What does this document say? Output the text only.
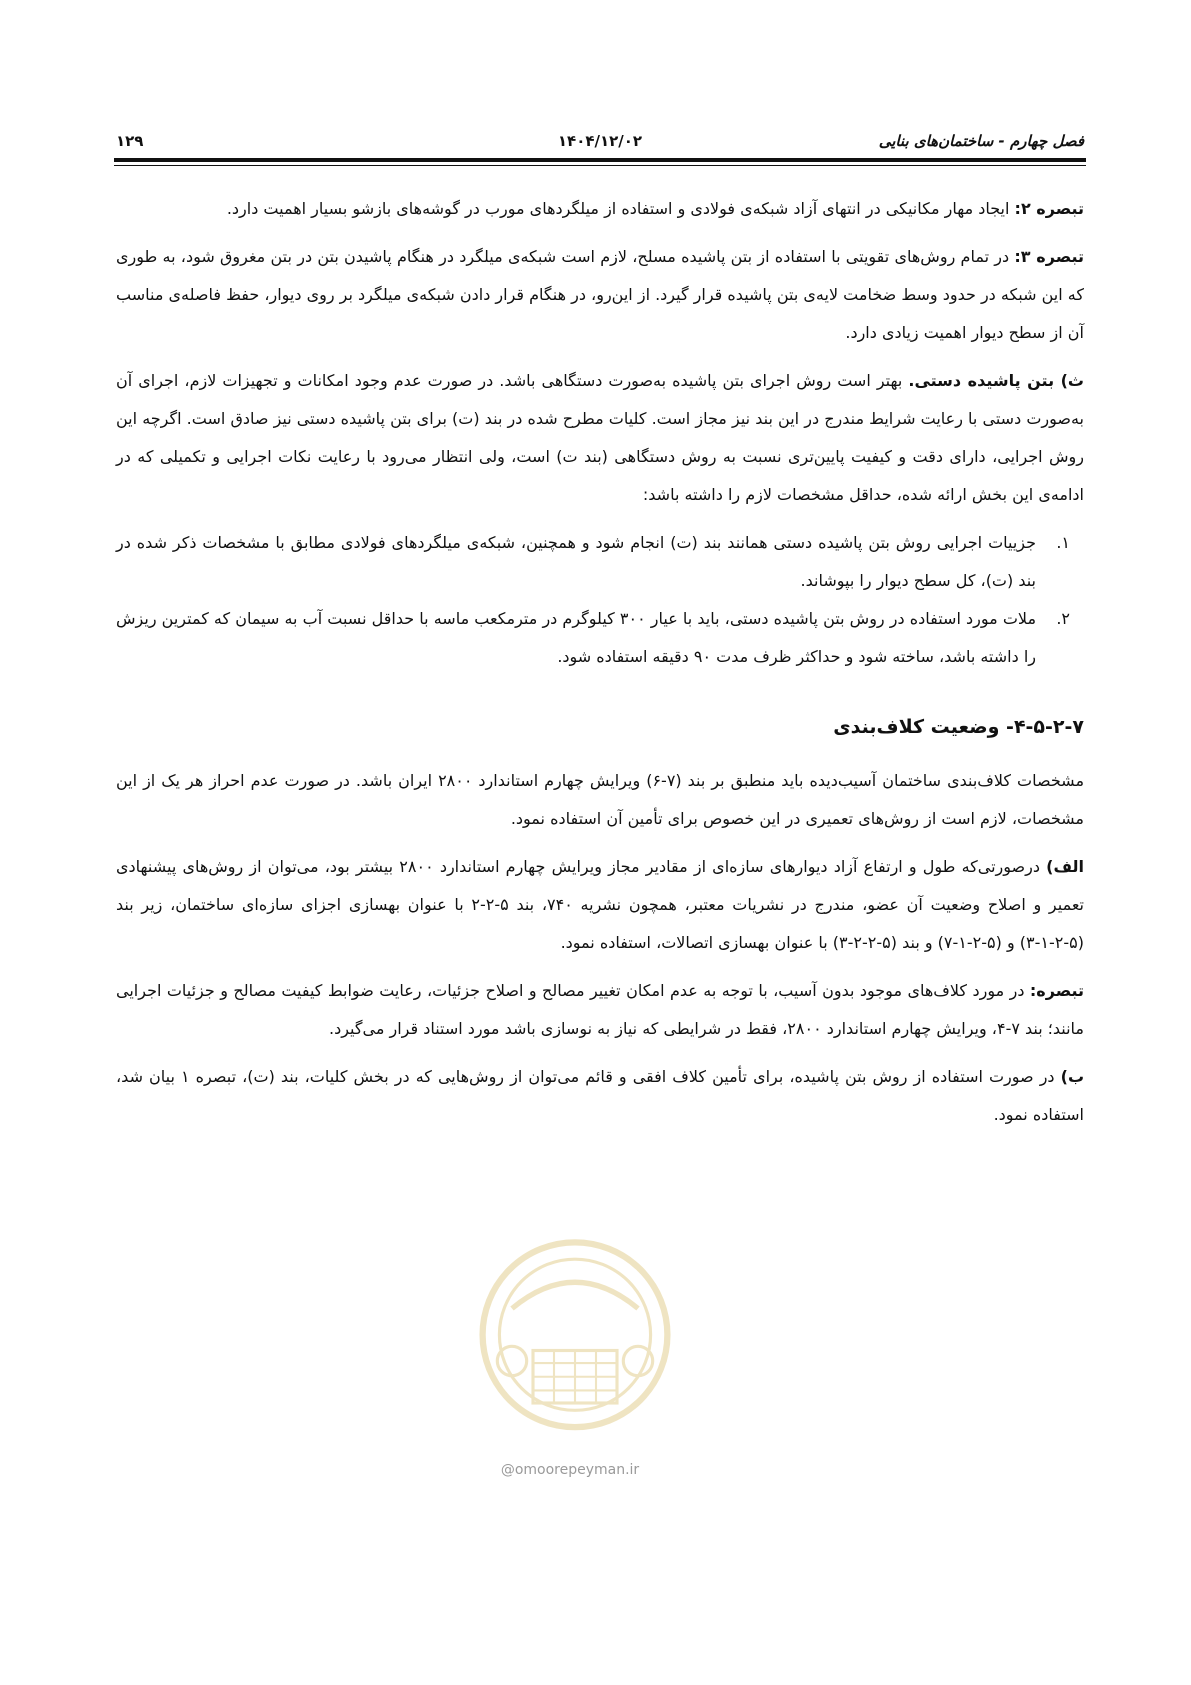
فصل چهارم - ساختمان‌های بنایی
۱۴۰۴/۱۲/۰۲
۱۲۹

تبصره ۲: ایجاد مهار مکانیکی در انتهای آزاد شبکه‌ی فولادی و استفاده از میلگردهای مورب در گوشه‌های بازشو بسیار اهمیت دارد.

تبصره ۳: در تمام روش‌های تقویتی با استفاده از بتن پاشیده مسلح، لازم است شبکه‌ی میلگرد در هنگام پاشیدن بتن در بتن مغروق شود، به طوری که این شبکه در حدود وسط ضخامت لایه‌ی بتن پاشیده قرار گیرد. از این‌رو، در هنگام قرار دادن شبکه‌ی میلگرد بر روی دیوار، حفظ فاصله‌ی مناسب آن از سطح دیوار اهمیت زیادی دارد.

ث) بتن پاشیده دستی. بهتر است روش اجرای بتن پاشیده به‌صورت دستگاهی باشد. در صورت عدم وجود امکانات و تجهیزات لازم، اجرای آن به‌صورت دستی با رعایت شرایط مندرج در این بند نیز مجاز است. کلیات مطرح شده در بند (ت) برای بتن پاشیده دستی نیز صادق است. اگرچه این روش اجرایی، دارای دقت و کیفیت پایین‌تری نسبت به روش دستگاهی (بند ت) است، ولی انتظار می‌رود با رعایت نکات اجرایی و تکمیلی که در ادامه‌ی این بخش ارائه شده، حداقل مشخصات لازم را داشته باشد:

۱.
جزییات اجرایی روش بتن پاشیده دستی همانند بند (ت) انجام شود و همچنین، شبکه‌ی میلگردهای فولادی مطابق با مشخصات ذکر شده در بند (ت)، کل سطح دیوار را بپوشاند.
۲.
ملات مورد استفاده در روش بتن پاشیده دستی، باید با عیار ۳۰۰ کیلوگرم در مترمکعب ماسه با حداقل نسبت آب به سیمان که کمترین ریزش را داشته باشد، ساخته شود و حداکثر ظرف مدت ۹۰ دقیقه استفاده شود.
۴-۵-۲-۷- وضعیت کلاف‌بندی

مشخصات کلاف‌بندی ساختمان آسیب‌دیده باید منطبق بر بند (۷-۶) ویرایش چهارم استاندارد ۲۸۰۰ ایران باشد. در صورت عدم احراز هر یک از این مشخصات، لازم است از روش‌های تعمیری در این خصوص برای تأمین آن استفاده نمود.

الف) درصورتی‌که طول و ارتفاع آزاد دیوارهای سازه‌ای از مقادیر مجاز ویرایش چهارم استاندارد ۲۸۰۰ بیشتر بود، می‌توان از روش‌های پیشنهادی تعمیر و اصلاح وضعیت آن عضو، مندرج در نشریات معتبر، همچون نشریه ۷۴۰، بند ۵-۲-۲ با عنوان بهسازی اجزای سازه‌ای ساختمان، زیر بند (۵-۲-۱-۳) و (۵-۲-۱-۷) و بند (۵-۲-۲-۳) با عنوان بهسازی اتصالات، استفاده نمود.

تبصره: در مورد کلاف‌های موجود بدون آسیب، با توجه به عدم امکان تغییر مصالح و اصلاح جزئیات، رعایت ضوابط کیفیت مصالح و جزئیات اجرایی مانند؛ بند ۷-۴، ویرایش چهارم استاندارد ۲۸۰۰، فقط در شرایطی که نیاز به نوسازی باشد مورد استناد قرار می‌گیرد.

ب) در صورت استفاده از روش بتن پاشیده، برای تأمین کلاف افقی و قائم می‌توان از روش‌هایی که در بخش کلیات، بند (ت)، تبصره ۱ بیان شد، استفاده نمود.

@omoorepeyman.ir
